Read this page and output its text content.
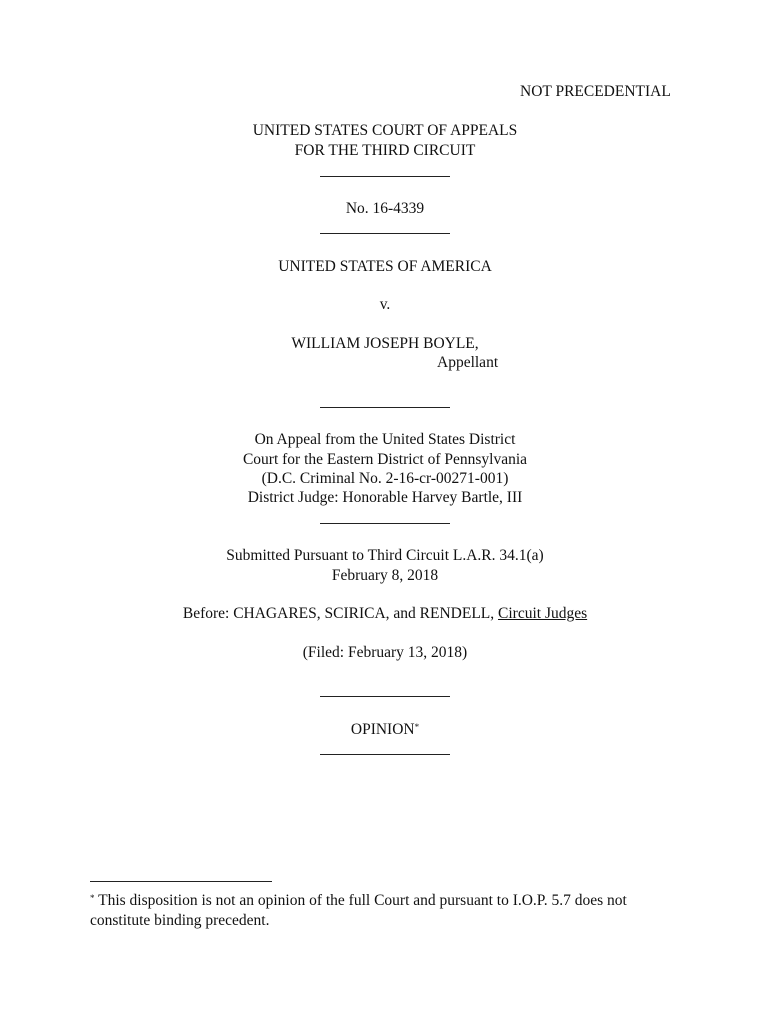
NOT PRECEDENTIAL
UNITED STATES COURT OF APPEALS
FOR THE THIRD CIRCUIT
No. 16-4339
UNITED STATES OF AMERICA
v.
WILLIAM JOSEPH BOYLE,
Appellant
On Appeal from the United States District
Court for the Eastern District of Pennsylvania
(D.C. Criminal No. 2-16-cr-00271-001)
District Judge: Honorable Harvey Bartle, III
Submitted Pursuant to Third Circuit L.A.R. 34.1(a)
February 8, 2018
Before: CHAGARES, SCIRICA, and RENDELL, Circuit Judges
(Filed: February 13, 2018)
OPINION*
* This disposition is not an opinion of the full Court and pursuant to I.O.P. 5.7 does not
constitute binding precedent.
